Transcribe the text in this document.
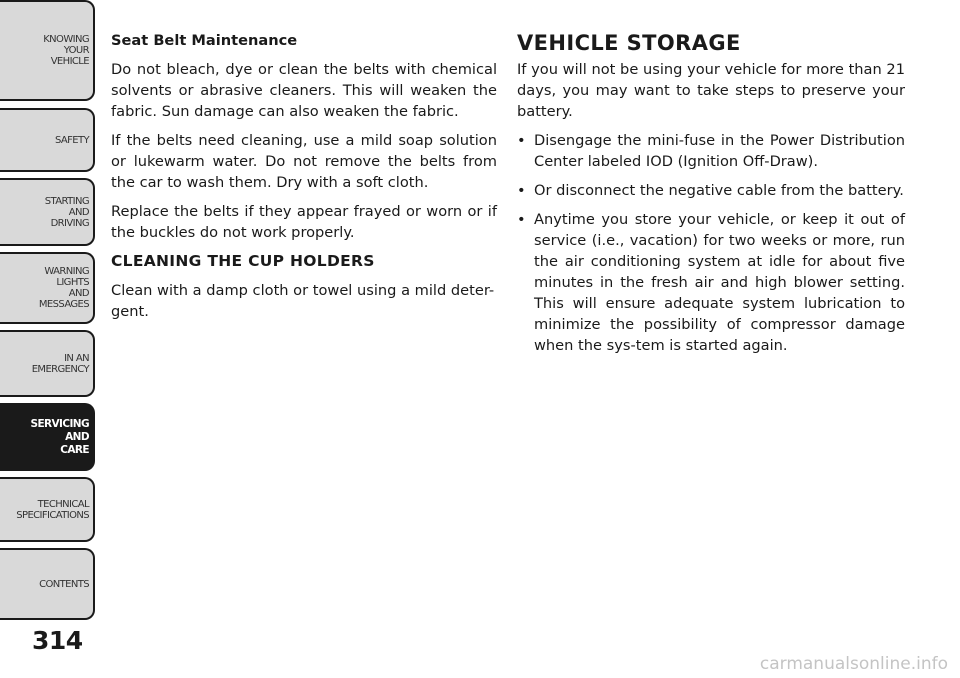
KNOWING
YOUR
VEHICLE
SAFETY
STARTING
AND
DRIVING
WARNING
LIGHTS
AND
MESSAGES
IN AN
EMERGENCY
SERVICING
AND
CARE
TECHNICAL
SPECIFICATIONS
CONTENTS
314

Seat Belt Maintenance

Do not bleach, dye or clean the belts with chemical solvents or abrasive cleaners. This will weaken the fabric. Sun damage can also weaken the fabric.

If the belts need cleaning, use a mild soap solution or lukewarm water. Do not remove the belts from the car to wash them. Dry with a soft cloth.

Replace the belts if they appear frayed or worn or if the buckles do not work properly.

CLEANING THE CUP HOLDERS

Clean with a damp cloth or towel using a mild deter-gent.

VEHICLE STORAGE

If you will not be using your vehicle for more than 21 days, you may want to take steps to preserve your battery.

• Disengage the mini-fuse in the Power Distribution Center labeled IOD (Ignition Off-Draw).
• Or disconnect the negative cable from the battery.
• Anytime you store your vehicle, or keep it out of service (i.e., vacation) for two weeks or more, run the air conditioning system at idle for about five minutes in the fresh air and high blower setting. This will ensure adequate system lubrication to minimize the possibility of compressor damage when the sys-tem is started again.
carmanualsonline.info
